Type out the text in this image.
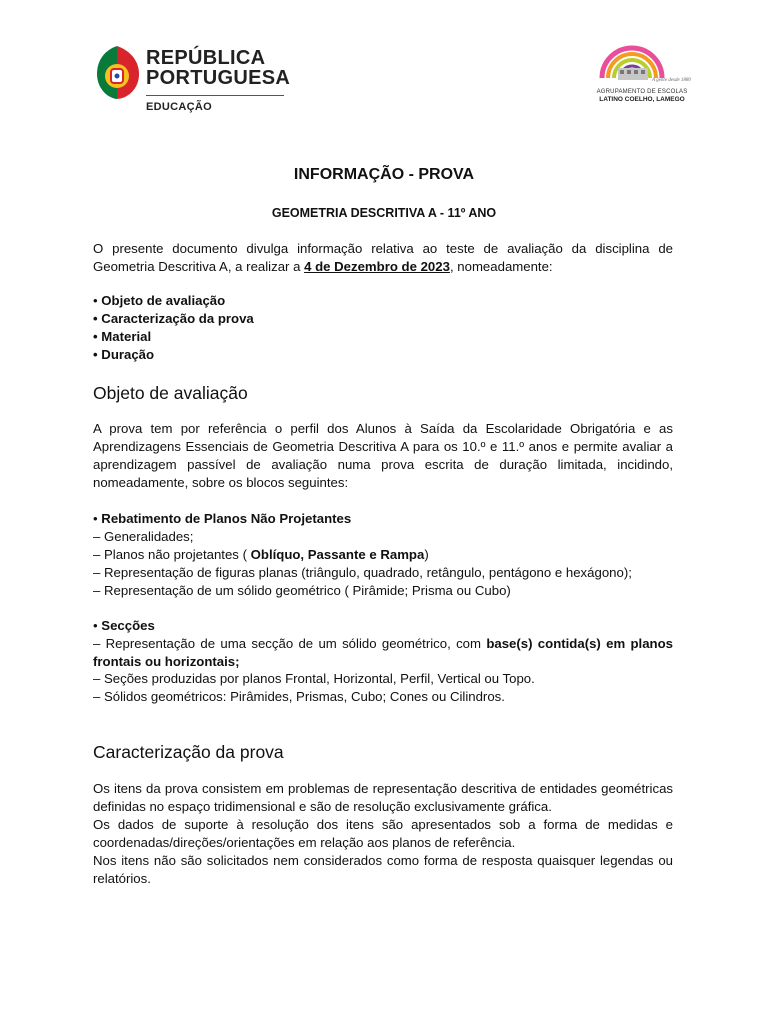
REPÚBLICA
PORTUGUESA
EDUCAÇÃO
A gente desde 1880
AGRUPAMENTO DE ESCOLAS
LATINO COELHO, LAMEGO
INFORMAÇÃO - PROVA
GEOMETRIA DESCRITIVA A - 11º ANO

O presente documento divulga informação relativa ao teste de avaliação da disciplina de Geometria Descritiva A, a realizar a 4 de Dezembro de 2023, nomeadamente:

• Objeto de avaliação
• Caracterização da prova
• Material
• Duração
Objeto de avaliação

A prova tem por referência o perfil dos Alunos à Saída da Escolaridade Obrigatória e as Aprendizagens Essenciais de Geometria Descritiva A para os 10.º e 11.º anos e permite avaliar a aprendizagem passível de avaliação numa prova escrita de duração limitada, incidindo, nomeadamente, sobre os blocos seguintes:

• Rebatimento de Planos Não Projetantes
– Generalidades;
– Planos não projetantes ( Oblíquo, Passante e Rampa)
– Representação de figuras planas (triângulo, quadrado, retângulo, pentágono e hexágono);
– Representação de um sólido geométrico ( Pirâmide; Prisma ou Cubo)
• Secções

– Representação de uma secção de um sólido geométrico, com base(s) contida(s) em planos frontais ou horizontais;

– Seções produzidas por planos Frontal, Horizontal, Perfil, Vertical ou Topo.
– Sólidos geométricos: Pirâmides, Prismas, Cubo; Cones ou Cilindros.
Caracterização da prova

Os itens da prova consistem em problemas de representação descritiva de entidades geométricas definidas no espaço tridimensional e são de resolução exclusivamente gráfica.

Os dados de suporte à resolução dos itens são apresentados sob a forma de medidas e coordenadas/direções/orientações em relação aos planos de referência.

Nos itens não são solicitados nem considerados como forma de resposta quaisquer legendas ou relatórios.
